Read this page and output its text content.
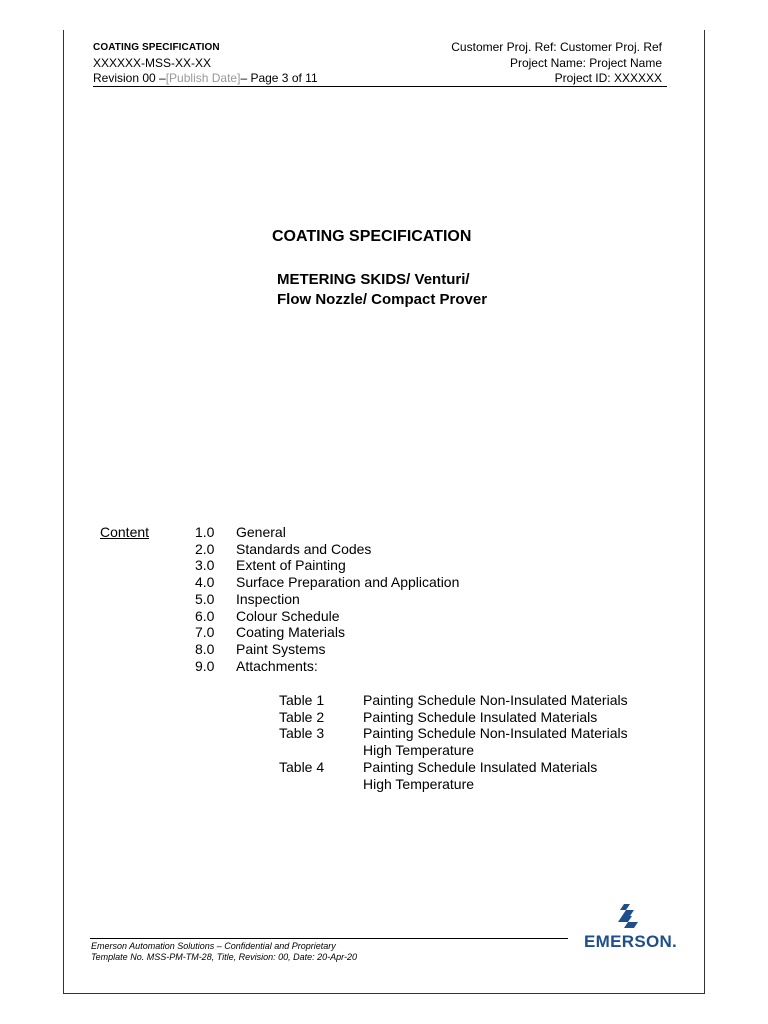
COATING SPECIFICATION
XXXXXX-MSS-XX-XX
Revision 00 –[Publish Date]– Page 3 of 11
Customer Proj. Ref: Customer Proj. Ref
Project Name: Project Name
Project ID: XXXXXX
COATING SPECIFICATION
METERING SKIDS/ Venturi/
Flow Nozzle/ Compact Prover
Content	1.0	General
2.0	Standards and Codes
3.0	Extent of Painting
4.0	Surface Preparation and Application
5.0	Inspection
6.0	Colour Schedule
7.0	Coating Materials
8.0	Paint Systems
9.0	Attachments:
Table 1	Painting Schedule Non-Insulated Materials
Table 2	Painting Schedule Insulated Materials
Table 3	Painting Schedule Non-Insulated Materials
High Temperature
Table 4	Painting Schedule Insulated Materials
High Temperature
Emerson Automation Solutions – Confidential and Proprietary
Template No. MSS-PM-TM-28, Title, Revision: 00, Date: 20-Apr-20
EMERSON.
